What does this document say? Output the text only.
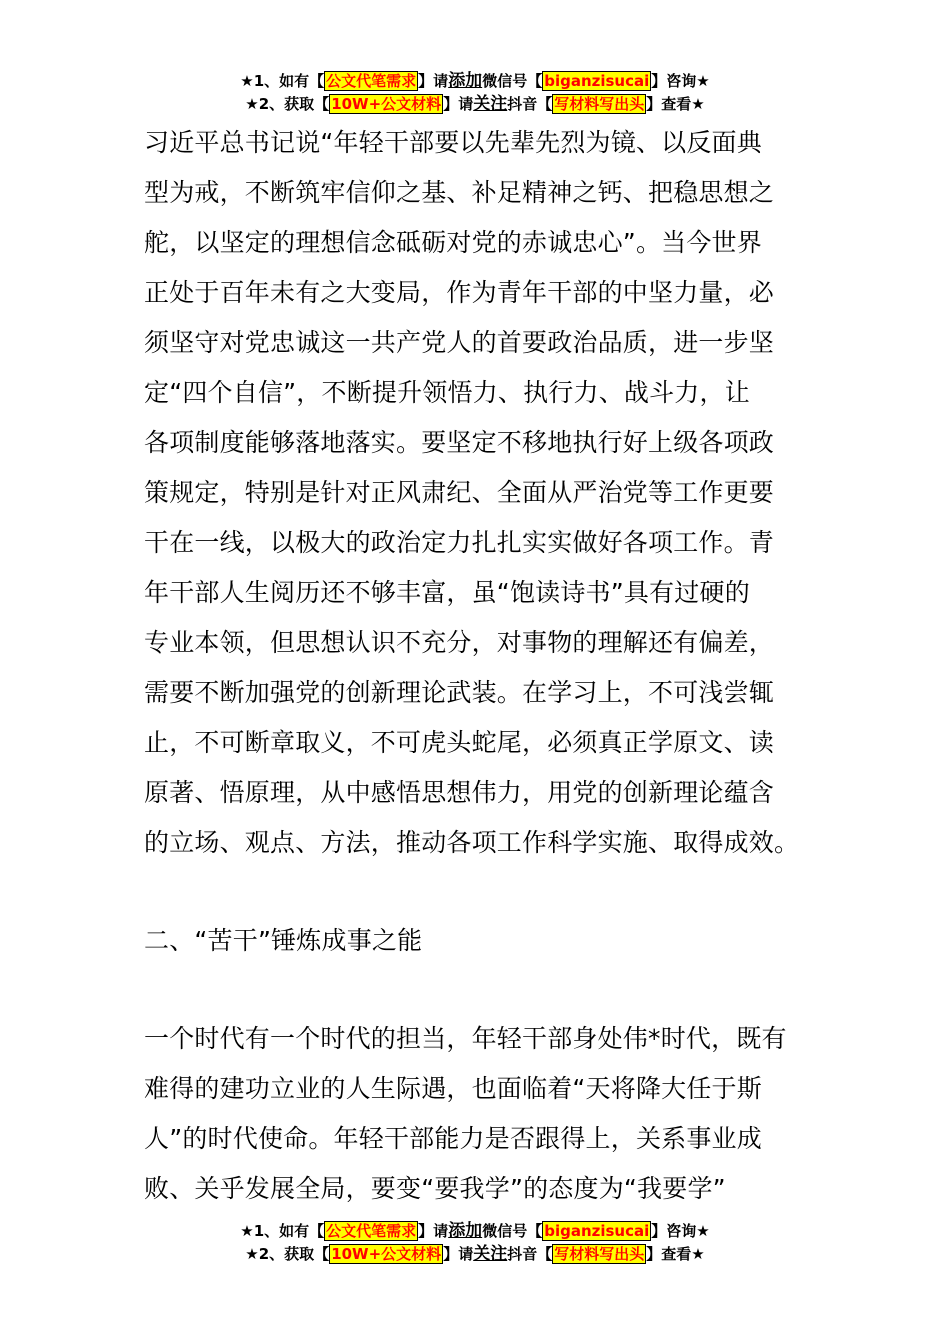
★1、如有【 公文代笔需求 】请添加微信号【 biganzisucai 】咨询★
★2、获取【 10W+公文材料 】请关注抖音【 写材料写出头 】查看★
习近平总书记说“年轻干部要以先辈先烈为镜、以反面典
型为戒，不断筑牢信仰之基、补足精神之钙、把稳思想之
舵，以坚定的理想信念砥砺对党的赤诚忠心”。当今世界
正处于百年未有之大变局，作为青年干部的中坚力量，必
须坚守对党忠诚这一共产党人的首要政治品质，进一步坚
定“四个自信”，不断提升领悟力、执行力、战斗力，让
各项制度能够落地落实。要坚定不移地执行好上级各项政
策规定，特别是针对正风肃纪、全面从严治党等工作更要
干在一线，以极大的政治定力扎扎实实做好各项工作。青
年干部人生阅历还不够丰富，虽“饱读诗书”具有过硬的
专业本领，但思想认识不充分，对事物的理解还有偏差，
需要不断加强党的创新理论武装。在学习上，不可浅尝辄
止，不可断章取义，不可虎头蛇尾，必须真正学原文、读
原著、悟原理，从中感悟思想伟力，用党的创新理论蕴含
的立场、观点、方法，推动各项工作科学实施、取得成效。
二、“苦干”锤炼成事之能
一个时代有一个时代的担当，年轻干部身处伟*时代，既有
难得的建功立业的人生际遇，也面临着“天将降大任于斯
人”的时代使命。年轻干部能力是否跟得上，关系事业成
败、关乎发展全局，要变“要我学”的态度为“我要学”
★1、如有【 公文代笔需求 】请添加微信号【 biganzisucai 】咨询★
★2、获取【 10W+公文材料 】请关注抖音【 写材料写出头 】查看★
